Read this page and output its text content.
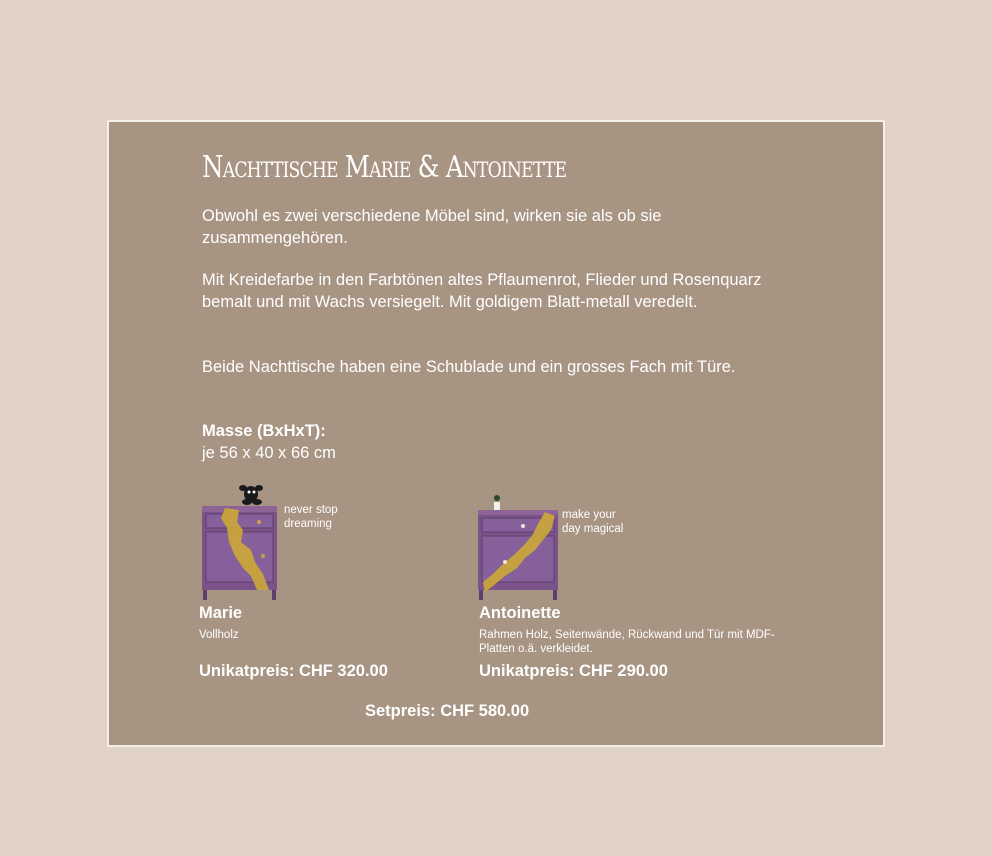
Nachttische Marie & Antoinette

Obwohl es zwei verschiedene Möbel sind, wirken sie als ob sie zusammengehören.

Mit Kreidefarbe in den Farbtönen altes Pflaumenrot, Flieder und Rosenquarz bemalt und mit Wachs versiegelt. Mit goldigem Blatt-metall veredelt.

Beide Nachttische haben eine Schublade und ein grosses Fach mit Türe.

Masse (BxHxT):

je 56 x 40 x 66 cm

never stop
dreaming

Marie

Vollholz

Unikatpreis: CHF 320.00

make your
day magical

Antoinette

Rahmen Holz, Seitenwände, Rückwand und Tür mit MDF-Platten o.ä. verkleidet.

Unikatpreis: CHF 290.00

Setpreis: CHF 580.00
